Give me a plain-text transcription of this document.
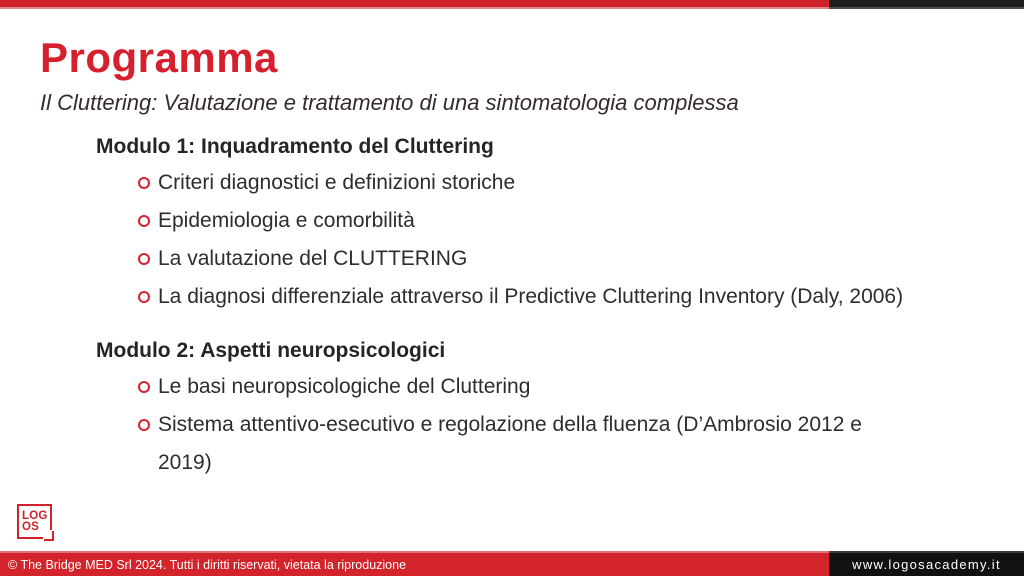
Programma
Il Cluttering: Valutazione e trattamento di una sintomatologia complessa
Modulo 1: Inquadramento del Cluttering
Criteri diagnostici e definizioni storiche
Epidemiologia e comorbilità
La valutazione del CLUTTERING
La diagnosi differenziale attraverso il Predictive Cluttering Inventory (Daly, 2006)
Modulo 2: Aspetti neuropsicologici
Le basi neuropsicologiche del Cluttering
Sistema attentivo-esecutivo e regolazione della fluenza (D’Ambrosio 2012 e 2019)
LOG
OS
© The Bridge MED Srl 2024. Tutti i diritti riservati, vietata la riproduzione	www.logosacademy.it
